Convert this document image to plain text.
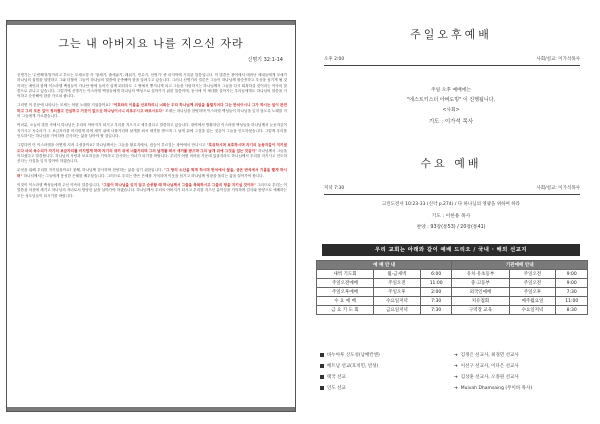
그는 내 아버지요 나를 지으신 자라
신명기 32:1-14

신명기는 '두번째'율법이라고 부르는 모세오경 즉 '창세기, 출애굽기, 레위기, 민수기, 신명기' 중 마지막에 기록된 말씀입니다. 이 말씀은 광야에서 태어난 세대들에게 모세가 하나님의 율법을 설명하고 그와 더불어 그들이 하나님의 말씀에 순종해야 함을 알려주고 있습니다. 그러나 신명기의 결론은 그들이 하나님께 불순종하고 우상을 섬기게 될 것이라는 예언과 함께 이스라엘 백성들이 가나안 땅에 들어가 살게 되더라도 그 땅에서 쫓겨나게 되고 그들을 사랑하시는 하나님께서 그들을 다시 회복하실 것이라는 약속의 말씀으로 끝나고 있습니다. 그렇기에 신명기는 이스라엘 백성들에게 하나님의 백성으로 살아가기 위한 말씀이며, 동시에 이 세대를 살아가는 우리들에게도 하나님의 말씀을 기억하고 순종해야 함을 가르쳐 줍니다.

그러면 이 본문에 나타나는 모세는 어떤 노래를 지었을까요? "여호와의 이름을 선포하리니 너희는 우리 하나님께 위엄을 돌릴지어다 그는 반석이시니 그가 하시는 일이 완전하고 그의 모든 길이 정의롭고 진실하고 거짓이 없으신 하나님이시니 의로우시고 바르시도다" 모세는 하나님을 찬양하며 이스라엘 백성들이 하나님을 잊지 않도록 노래를 지어 그들에게 가르쳤습니다.

여러분, 오늘의 말씀 속에서 하나님은 우리의 아버지가 되시고 우리를 지으시고 세우셨다고 말씀하고 있습니다. 광야에서 방황하던 이스라엘 백성들을 하나님께서 눈동자같이 지키시고 독수리가 그 보금자리를 어지럽게 하며 새끼 위에 너풀거리며 날개를 펴서 새끼를 받으며 그 날개 위에 그것을 업는 것같이 그들을 인도하셨습니다. 그렇게 우리를 인도하시는 하나님을 기억하며 감사하는 삶을 살아야 할 것입니다.

그렇다면 이 이스라엘을 어떻게 지켜 주셨을까요? 하나님께서는 그들을 황무지에서, 짐승이 부르짖는 광야에서 만나시고 "호위하시며 보호하시며 자기의 눈동자같이 지키셨도다 마치 독수리가 자기의 보금자리를 어지럽게 하며 자기의 새끼 위에 너풀거리며 그의 날개를 펴서 새끼를 받으며 그의 날개 위에 그것을 업는 것같이" 하나님께서 그들을 이끄셨다고 말씀합니다. 하나님의 사랑과 보호하심을 기억하고 감사하는 자녀가 되기를 바랍니다. 우리가 어떤 어려움 가운데 있을지라도 하나님께서 우리를 지키시고 인도하신다는 사실을 잊지 말아야 하겠습니다.

무엇을 위해 우리를 지키셨을까요? 첫째, 하나님께 감사하며 찬양하는 삶을 살기 위함입니다. "그 땅의 소산을 먹게 하시며 반석에서 꿀을, 굳은 반석에서 기름을 빨게 하시며" 하나님께서는 그들에게 풍성한 은혜를 베푸셨습니다. 그러므로 우리는 받은 은혜를 기억하며 이웃을 섬기고 하나님께 영광을 돌리는 삶을 살아가야 합니다.

이것이 이스라엘 백성들에게 주신 약속의 말씀입니다. "그들이 하나님을 잊지 않고 순종할 때 하나님께서 그들을 축복하시고 그들의 땅을 지키실 것이라" 그러므로 우리는 이 말씀을 마음에 새기고 하나님의 자녀로서 합당한 삶을 살아가야 하겠습니다. 하나님께서 우리의 아버지가 되시고 우리를 지으신 분이심을 기억하며 감사와 찬양으로 예배하는 모든 성도님들이 되시기를 바랍니다.

주일오후예배
오후 2:00	사회/설교: 이가석목사
주일 오후 예배에는
"에스트키스더 아버도빙" 이 진행됩니다.
<사회>
기도 : 이가석 목사
수요 예배
저녁 7:30	사회/설교: 이가석목사
고린도전서 10:23-33 (신약 p.274) / 다 하나님의 영광을 위하여 하라
기도 : 이한용 목사
찬양 : 93장(통53) / 20장(통41)
우리 교회는 아래와 같이 예배 드리오 / 국내 · 해외 선교지
예 배 안 내			기관예배 안내		
새벽 기도회	월-금새벽	6:00	유치·유초등부	주일오전	9:00
주일오전예배	주일오전	11:00	중·고등부	주일오전	9:00
주일오후예배	주일오후	2:00	외국인예배	주일오후	7:30
수 요 예 배	수요일저녁	7:30	치유접회	매주월요일	11:00
금 요 기 도 회	금요일저녁	7:30	구역장 교육	수요일저녁	8:30
바누아투 산도성(남배칸엔)	➔ 김정은 선교사, 최경민 선교사
베트남 선교(호치민, 빈성)	➔ 이선구 선교사, 이다은 선교사
태국 선교	➔ 김상훈 선교사, 오종원 선교사
인도 선교	➔ Muivah Dhamsaing (무이바 목사)
